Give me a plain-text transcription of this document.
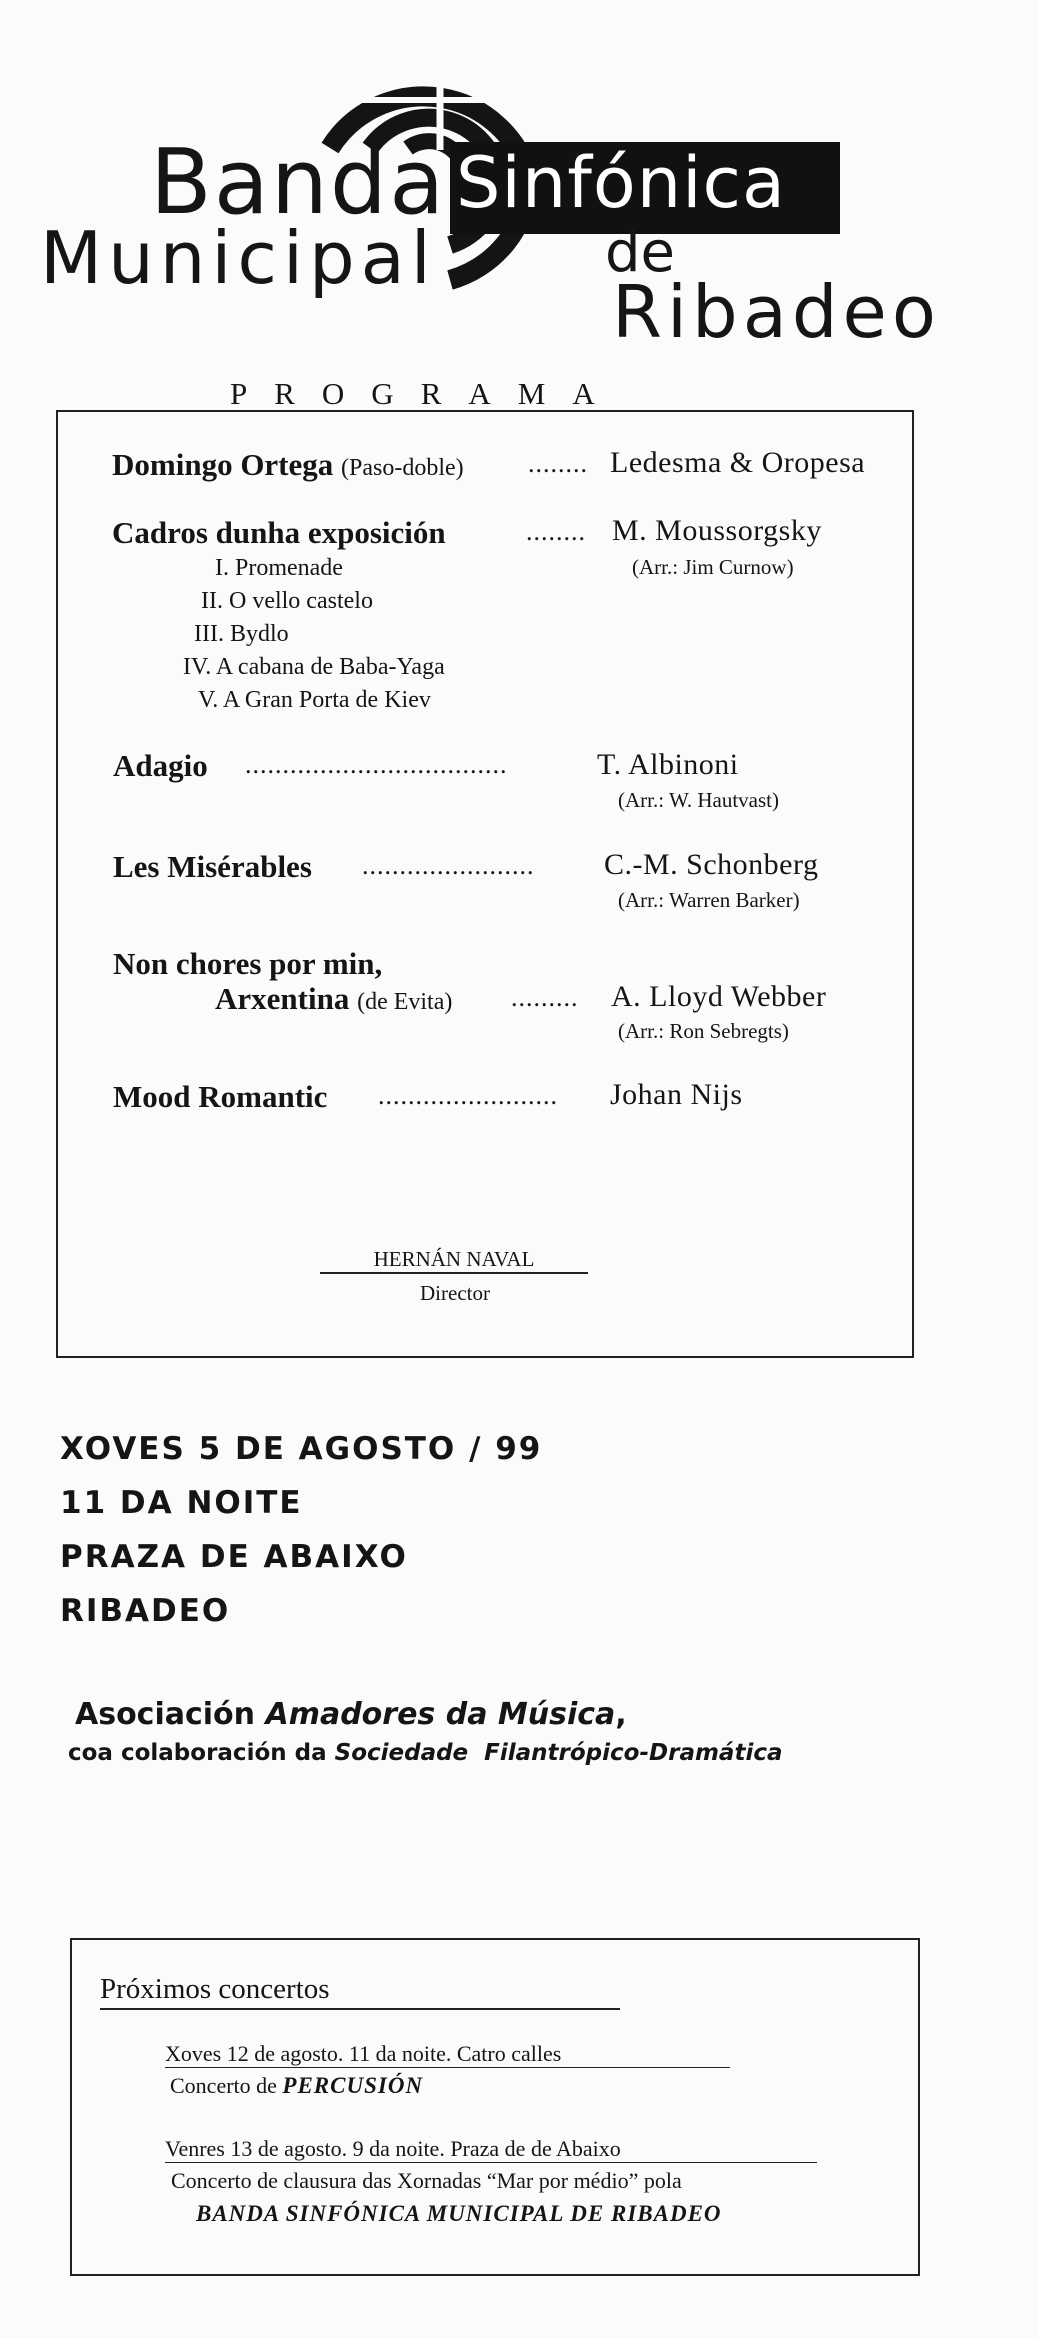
Banda Sinfónica
Municipal	de
Ribadeo
PROGRAMA
Domingo Ortega (Paso-doble) ........ Ledesma & Oropesa
Cadros dunha exposición	........ M. Moussorgsky
(Arr.: Jim Curnow)
I. Promenade
II. O vello castelo
III. Bydlo
IV. A cabana de Baba-Yaga
V. A Gran Porta de Kiev
Adagio ...................................	T. Albinoni
(Arr.: W. Hautvast)
Les Misérables ....................... C.-M. Schonberg
(Arr.: Warren Barker)
Non chores por min,
Arxentina (de Evita) ......... A. Lloyd Webber
(Arr.: Ron Sebregts)
Mood Romantic ........................ Johan Nijs
HERNÁN NAVAL
Director
XOVES 5 DE AGOSTO / 99
11 DA NOITE
PRAZA DE ABAIXO
RIBADEO
Asociación Amadores da Música,
coa colaboración da Sociedade  Filantrópico-Dramática
Próximos concertos
Xoves 12 de agosto. 11 da noite. Catro calles
Concerto de PERCUSIÓN
Venres 13 de agosto. 9 da noite. Praza de de Abaixo
Concerto de clausura das Xornadas “Mar por médio” pola
BANDA SINFÓNICA MUNICIPAL DE RIBADEO
